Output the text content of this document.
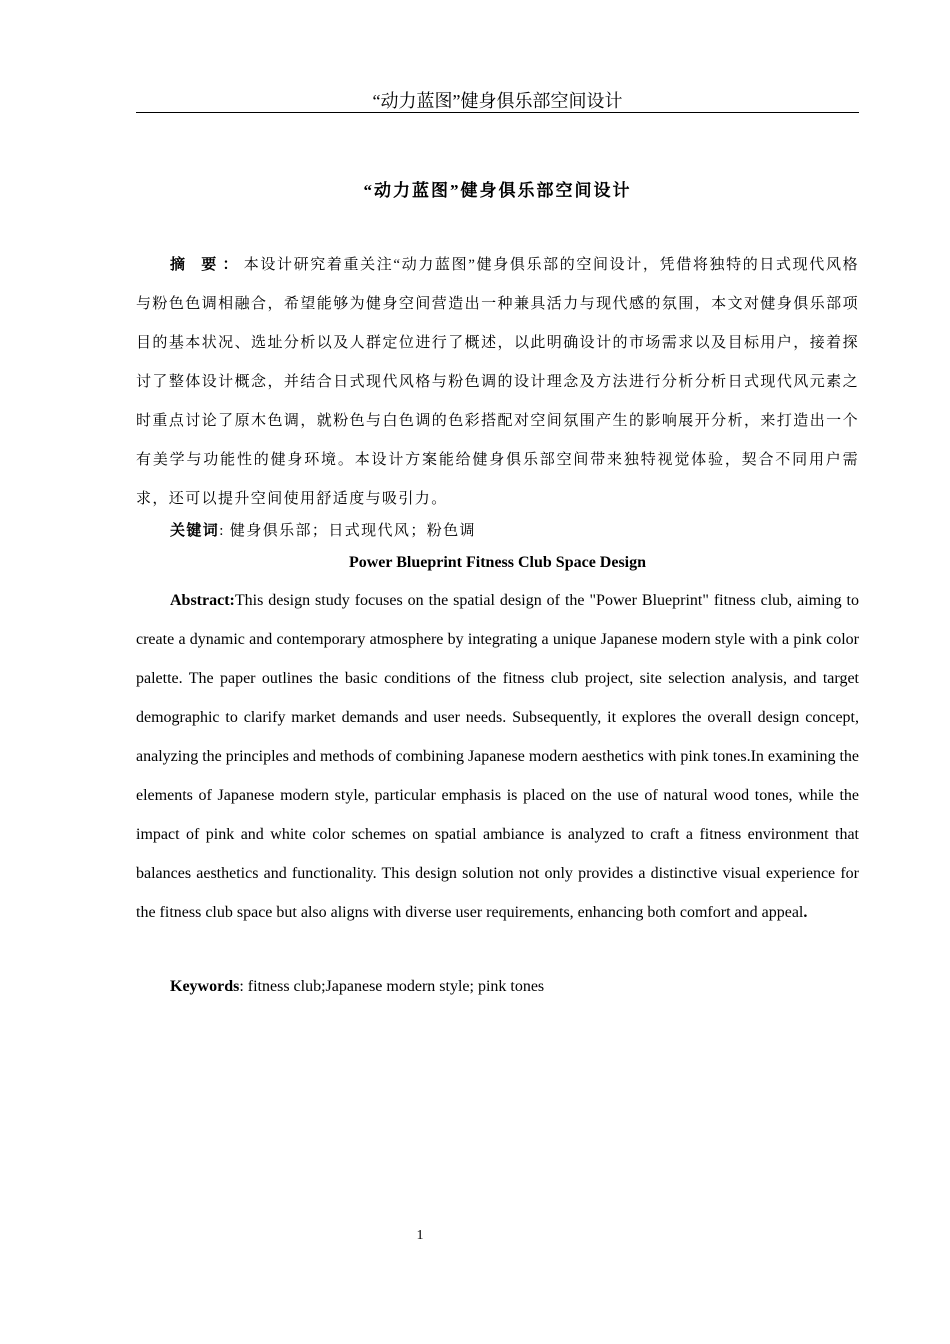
“动力蓝图”健身俱乐部空间设计
“动力蓝图”健身俱乐部空间设计

摘 要：本设计研究着重关注“动力蓝图”健身俱乐部的空间设计，凭借将独特的日式现代风格与粉色色调相融合，希望能够为健身空间营造出一种兼具活力与现代感的氛围，本文对健身俱乐部项目的基本状况、选址分析以及人群定位进行了概述，以此明确设计的市场需求以及目标用户，接着探讨了整体设计概念，并结合日式现代风格与粉色调的设计理念及方法进行分析分析日式现代风元素之时重点讨论了原木色调，就粉色与白色调的色彩搭配对空间氛围产生的影响展开分析，来打造出一个有美学与功能性的健身环境。本设计方案能给健身俱乐部空间带来独特视觉体验，契合不同用户需求，还可以提升空间使用舒适度与吸引力。

关键词: 健身俱乐部；日式现代风；粉色调
Power Blueprint Fitness Club Space Design

Abstract:This design study focuses on the spatial design of the "Power Blueprint" fitness club, aiming to create a dynamic and contemporary atmosphere by integrating a unique Japanese modern style with a pink color palette. The paper outlines the basic conditions of the fitness club project, site selection analysis, and target demographic to clarify market demands and user needs. Subsequently, it explores the overall design concept, analyzing the principles and methods of combining Japanese modern aesthetics with pink tones.In examining the elements of Japanese modern style, particular emphasis is placed on the use of natural wood tones, while the impact of pink and white color schemes on spatial ambiance is analyzed to craft a fitness environment that balances aesthetics and functionality. This design solution not only provides a distinctive visual experience for the fitness club space but also aligns with diverse user requirements, enhancing both comfort and appeal.

Keywords: fitness club;Japanese modern style; pink tones
1
